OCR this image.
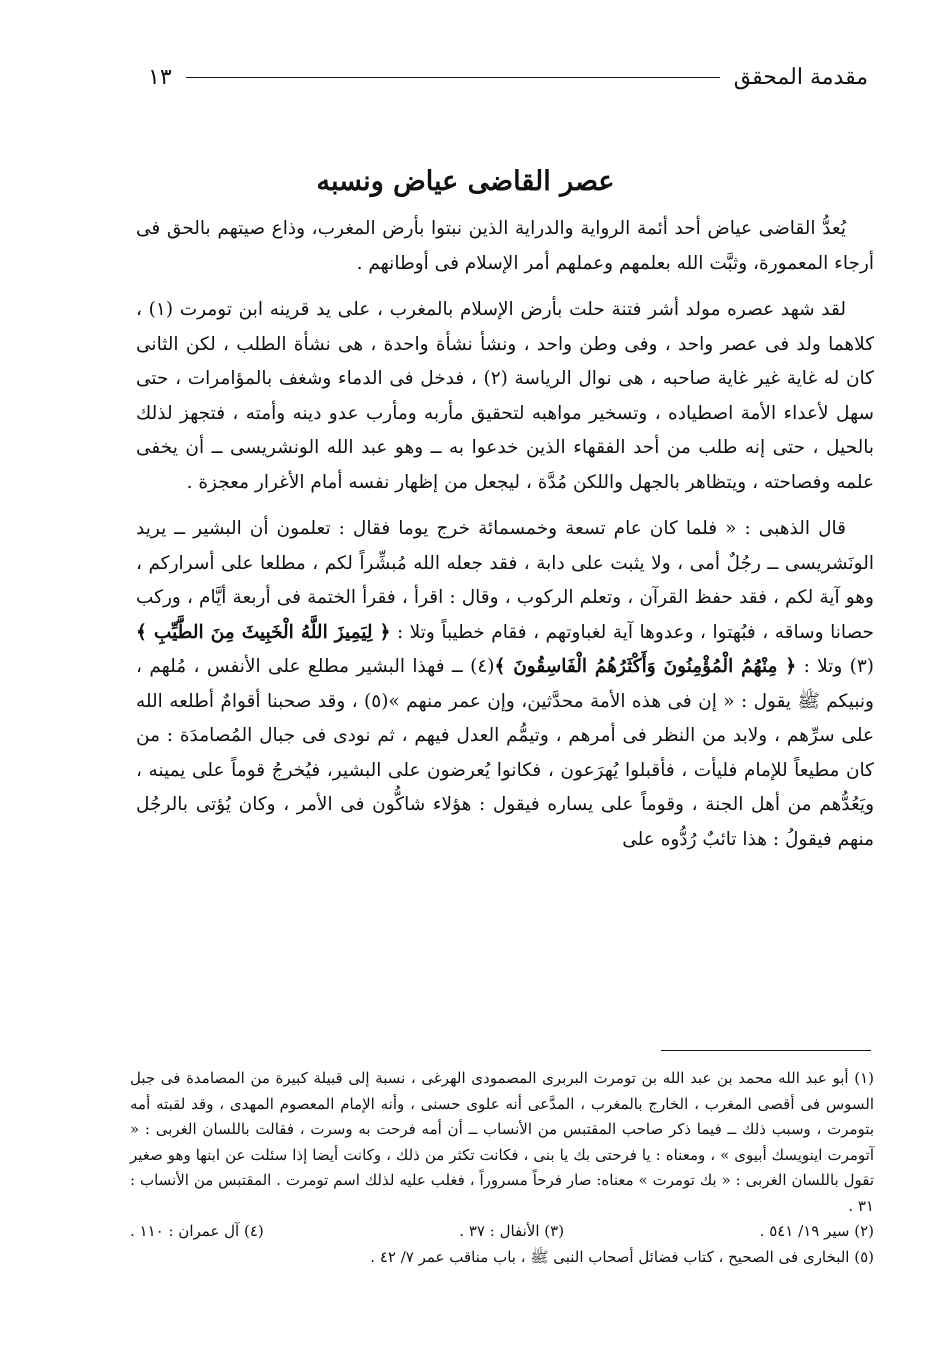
مقدمة المحقق
١٣
عصر القاضى عياض ونسبه

يُعدُّ القاضى عياض أحد أئمة الرواية والدراية الذين نبتوا بأرض المغرب، وذاع صيتهم بالحق فى أرجاء المعمورة، وثبَّت الله بعلمهم وعملهم أمر الإسلام فى أوطانهم .

لقد شهد عصره مولد أشر فتنة حلت بأرض الإسلام بالمغرب ، على يد قرينه ابن تومرت (١) ، كلاهما ولد فى عصر واحد ، وفى وطن واحد ، ونشأ نشأة واحدة ، هى نشأة الطلب ، لكن الثانى كان له غاية غير غاية صاحبه ، هى نوال الرياسة (٢) ، فدخل فى الدماء وشغف بالمؤامرات ، حتى سهل لأعداء الأمة اصطياده ، وتسخير مواهبه لتحقيق مأربه ومأرب عدو دينه وأمته ، فتجهز لذلك بالحيل ، حتى إنه طلب من أحد الفقهاء الذين خدعوا به ــ وهو عبد الله الونشريسى ــ أن يخفى علمه وفصاحته ، ويتظاهر بالجهل واللكن مُدَّة ، ليجعل من إظهار نفسه أمام الأغرار معجزة .

قال الذهبى : « فلما كان عام تسعة وخمسمائة خرج يوما فقال : تعلمون أن البشير ــ يريد الونَشريسى ــ رجُلٌ أمى ، ولا يثبت على دابة ، فقد جعله الله مُبشِّراً لكم ، مطلعا على أسراركم ، وهو آية لكم ، فقد حفظ القرآن ، وتعلم الركوب ، وقال : اقرأ ، فقرأ الختمة فى أربعة أيَّام ، وركب حصانا وساقه ، فبُهتوا ، وعدوها آية لغباوتهم ، فقام خطيباً وتلا : ﴿ لِيَمِيزَ اللَّهُ الْخَبِيثَ مِنَ الطَّيِّبِ ﴾(٣) وتلا : ﴿ مِنْهُمُ الْمُؤْمِنُونَ وَأَكْثَرُهُمُ الْفَاسِقُونَ ﴾(٤) ــ فهذا البشير مطلع على الأنفس ، مُلهم ، ونبيكم ﷺ يقول : « إن فى هذه الأمة محدَّثين، وإن عمر منهم »(٥) ، وقد صحبنا أقوامٌ أطلعه الله على سرِّهم ، ولابد من النظر فى أمرهم ، وتيمُّم العدل فيهم ، ثم نودى فى جبال المُصامدَة : من كان مطيعاً للإمام فليأت ، فأقبلوا يُهرَعون ، فكانوا يُعرضون على البشير، فيُخرجُ قوماً على يمينه ، ويَعُدُّهم من أهل الجنة ، وقوماً على يساره فيقول : هؤلاء شاكُّون فى الأمر ، وكان يُؤتى بالرجُل منهم فيقولُ : هذا تائبٌ رُدُّوه على

(١) أبو عبد الله محمد بن عبد الله بن تومرت البربرى المصمودى الهرغى ، نسبة إلى قبيلة كبيرة من المصامدة فى جبل السوس فى أقصى المغرب ، الخارج بالمغرب ، المدَّعى أنه علوى حسنى ، وأنه الإمام المعصوم المهدى ، وقد لقبته أمه بتومرت ، وسبب ذلك ــ فيما ذكر صاحب المقتبس من الأنساب ــ أن أمه فرحت به وسرت ، فقالت باللسان الغربى : « آتومرت اينويسك أبيوى » ، ومعناه : يا فرحتى بك يا بنى ، فكانت تكثر من ذلك ، وكانت أيضا إذا سئلت عن ابنها وهو صغير تقول باللسان الغربى : « بك تومرت » معناه: صار فرحاً مسروراً ، فغلب عليه لذلك اسم تومرت . المقتبس من الأنساب : ٣١ .

(٢) سير ١٩/ ٥٤١ .
(٣) الأنفال : ٣٧ .
(٤) آل عمران : ١١٠ .

(٥) البخارى فى الصحيح ، كتاب فضائل أصحاب النبى ﷺ ، باب مناقب عمر ٧/ ٤٢ .
